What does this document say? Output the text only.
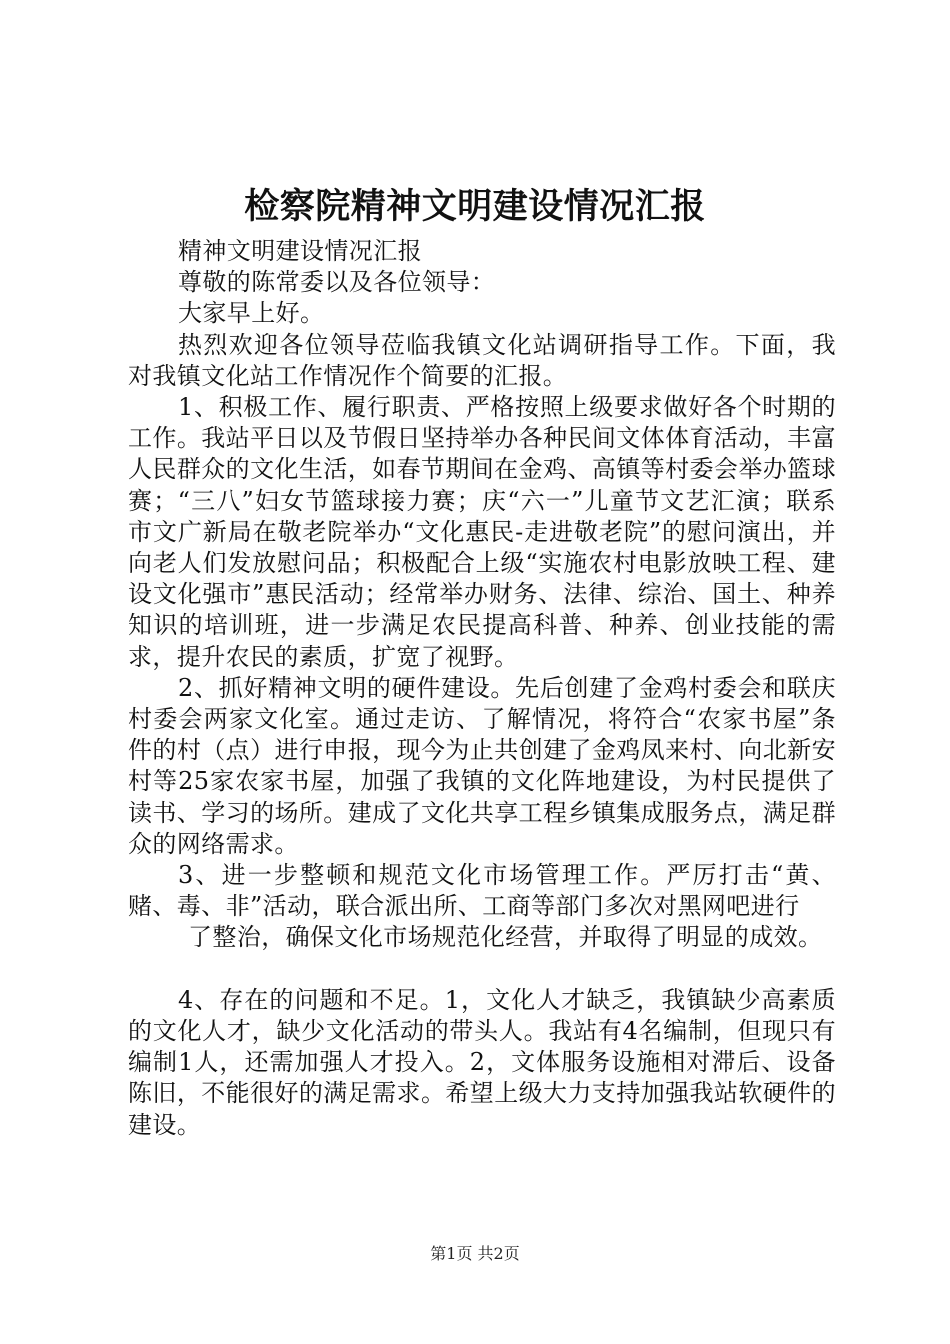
检察院精神文明建设情况汇报

精神文明建设情况汇报

尊敬的陈常委以及各位领导：

大家早上好。

热烈欢迎各位领导莅临我镇文化站调研指导工作。下面，我对我镇文化站工作情况作个简要的汇报。

1、积极工作、履行职责、严格按照上级要求做好各个时期的工作。我站平日以及节假日坚持举办各种民间文体体育活动，丰富人民群众的文化生活，如春节期间在金鸡、高镇等村委会举办篮球赛；“三八”妇女节篮球接力赛；庆“六一”儿童节文艺汇演；联系市文广新局在敬老院举办“文化惠民-走进敬老院”的慰问演出，并向老人们发放慰问品；积极配合上级“实施农村电影放映工程、建设文化强市”惠民活动；经常举办财务、法律、综治、国土、种养知识的培训班，进一步满足农民提高科普、种养、创业技能的需求，提升农民的素质，扩宽了视野。

2、抓好精神文明的硬件建设。先后创建了金鸡村委会和联庆村委会两家文化室。通过走访、了解情况，将符合“农家书屋”条件的村（点）进行申报，现今为止共创建了金鸡凤来村、向北新安村等25家农家书屋，加强了我镇的文化阵地建设，为村民提供了读书、学习的场所。建成了文化共享工程乡镇集成服务点，满足群众的网络需求。

3、进一步整顿和规范文化市场管理工作。严厉打击“黄、赌、毒、非”活动，联合派出所、工商等部门多次对黑网吧进行

了整治，确保文化市场规范化经营，并取得了明显的成效。

4、存在的问题和不足。1，文化人才缺乏，我镇缺少高素质的文化人才，缺少文化活动的带头人。我站有4名编制，但现只有编制1人，还需加强人才投入。2，文体服务设施相对滞后、设备陈旧，不能很好的满足需求。希望上级大力支持加强我站软硬件的建设。

第1页 共2页
